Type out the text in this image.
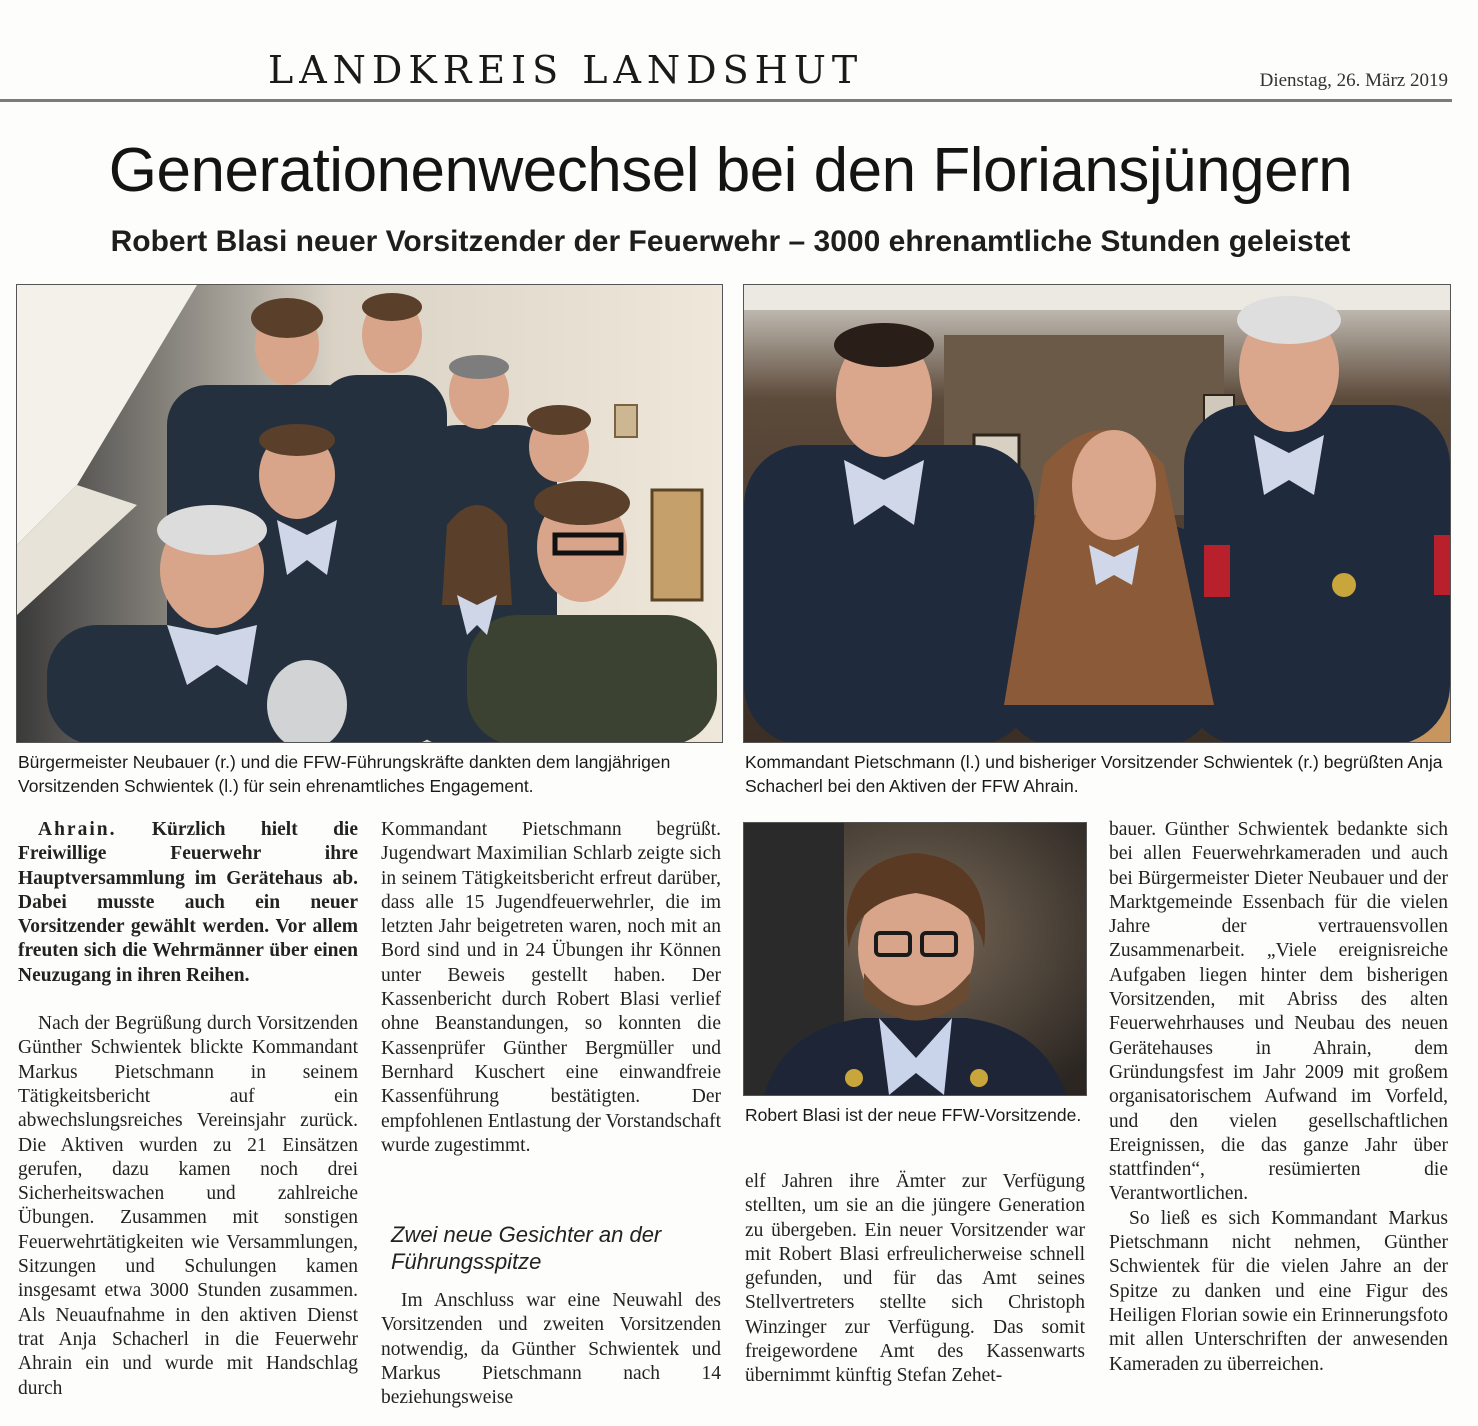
LANDKREIS LANDSHUT	Dienstag, 26. März 2019
Generationenwechsel bei den Floriansjüngern
Robert Blasi neuer Vorsitzender der Feuerwehr – 3000 ehrenamtliche Stunden geleistet
Bürgermeister Neubauer (r.) und die FFW-Führungskräfte dankten dem langjährigen Vorsitzenden Schwientek (l.) für sein ehrenamtliches Engagement.
Kommandant Pietschmann (l.) und bisheriger Vorsitzender Schwientek (r.) begrüßten Anja Schacherl bei den Aktiven der FFW Ahrain.

Ahrain. Kürzlich hielt die Freiwillige Feuerwehr ihre Hauptversammlung im Gerätehaus ab. Dabei musste auch ein neuer Vorsitzender gewählt werden. Vor allem freuten sich die Wehrmänner über einen Neuzugang in ihren Reihen.

Nach der Begrüßung durch Vorsitzenden Günther Schwientek blickte Kommandant Markus Pietschmann in seinem Tätigkeitsbericht auf ein abwechslungsreiches Vereinsjahr zurück. Die Aktiven wurden zu 21 Einsätzen gerufen, dazu kamen noch drei Sicherheitswachen und zahlreiche Übungen. Zusammen mit sonstigen Feuerwehrtätigkeiten wie Versammlungen, Sitzungen und Schulungen kamen insgesamt etwa 3000 Stunden zusammen. Als Neuaufnahme in den aktiven Dienst trat Anja Schacherl in die Feuerwehr Ahrain ein und wurde mit Handschlag durch

Kommandant Pietschmann begrüßt. Jugendwart Maximilian Schlarb zeigte sich in seinem Tätigkeitsbericht erfreut darüber, dass alle 15 Jugendfeuerwehrler, die im letzten Jahr beigetreten waren, noch mit an Bord sind und in 24 Übungen ihr Können unter Beweis gestellt haben. Der Kassenbericht durch Robert Blasi verlief ohne Beanstandungen, so konnten die Kassenprüfer Günther Bergmüller und Bernhard Kuschert eine einwandfreie Kassenführung bestätigten. Der empfohlenen Entlastung der Vorstandschaft wurde zugestimmt.

Zwei neue Gesichter an der Führungsspitze

Im Anschluss war eine Neuwahl des Vorsitzenden und zweiten Vorsitzenden notwendig, da Günther Schwientek und Markus Pietschmann nach 14 beziehungsweise

Robert Blasi ist der neue FFW-Vorsitzende.

elf Jahren ihre Ämter zur Verfügung stellten, um sie an die jüngere Generation zu übergeben. Ein neuer Vorsitzender war mit Robert Blasi erfreulicherweise schnell gefunden, und für das Amt seines Stellvertreters stellte sich Christoph Winzinger zur Verfügung. Das somit freigewordene Amt des Kassenwarts übernimmt künftig Stefan Zehet-

bauer. Günther Schwientek bedankte sich bei allen Feuerwehrkameraden und auch bei Bürgermeister Dieter Neubauer und der Marktgemeinde Essenbach für die vielen Jahre der vertrauensvollen Zusammenarbeit. „Viele ereignisreiche Aufgaben liegen hinter dem bisherigen Vorsitzenden, mit Abriss des alten Feuerwehrhauses und Neubau des neuen Gerätehauses in Ahrain, dem Gründungsfest im Jahr 2009 mit großem organisatorischem Aufwand im Vorfeld, und den vielen gesellschaftlichen Ereignissen, die das ganze Jahr über stattfinden“, resümierten die Verantwortlichen.

So ließ es sich Kommandant Markus Pietschmann nicht nehmen, Günther Schwientek für die vielen Jahre an der Spitze zu danken und eine Figur des Heiligen Florian sowie ein Erinnerungsfoto mit allen Unterschriften der anwesenden Kameraden zu überreichen.
